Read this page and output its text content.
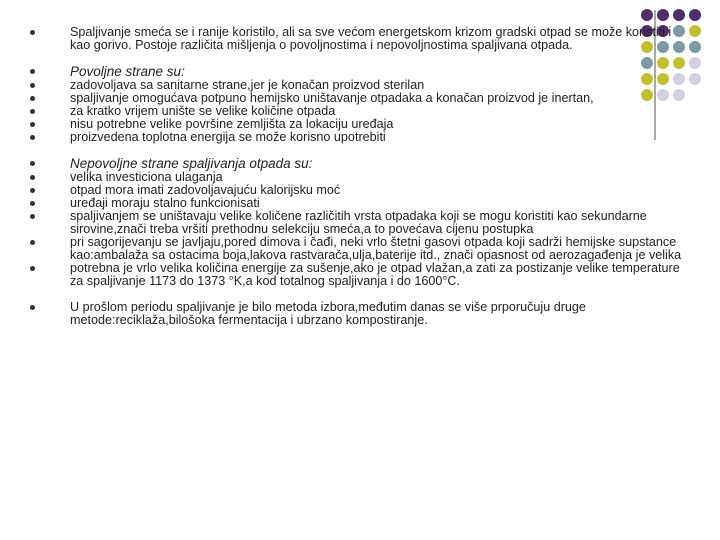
Spaljivanje smeća se i ranije koristilo, ali sa sve većom energetskom krizom gradski otpad se može koristiti i kao gorivo. Postoje različita mišljenja o povoljnostima i nepovoljnostima spaljivana otpada.
Povoljne strane su:
zadovoljava sa sanitarne strane,jer je konačan proizvod sterilan
spaljivanje omogućava potpuno hemijsko uništavanje otpadaka a konačan proizvod je inertan,
za kratko vrijem unište se velike količine otpada
nisu potrebne velike površine zemljišta za lokaciju uređaja
proizvedena toplotna energija se može korisno upotrebiti
Nepovoljne strane spaljivanja otpada su:
velika investiciona ulaganja
otpad mora imati zadovoljavajuću kalorijsku moć
uređaji moraju stalno funkcionisati
spaljivanjem se uništavaju velike količene različitih vrsta otpadaka koji se mogu koristiti kao sekundarne sirovine,znači treba vršiti prethodnu selekciju smeća,a to povećava cijenu postupka
pri sagorijevanju se javljaju,pored dimova i čađi, neki vrlo štetni gasovi otpada koji sadrži hemijske supstance kao:ambalaža sa ostacima boja,lakova rastvarača,ulja,baterije itd., znači opasnost od aerozagađenja je velika
potrebna je vrlo velika količina energije za sušenje,ako je otpad vlažan,a zati za postizanje velike temperature za spaljivanje 1173 do 1373 °K,a kod totalnog spaljivanja i do 1600°C.
U prošlom periodu spaljivanje je bilo metoda izbora,međutim danas se više prporučuju druge metode:reciklaža,bilošoka fermentacija i ubrzano kompostiranje.
